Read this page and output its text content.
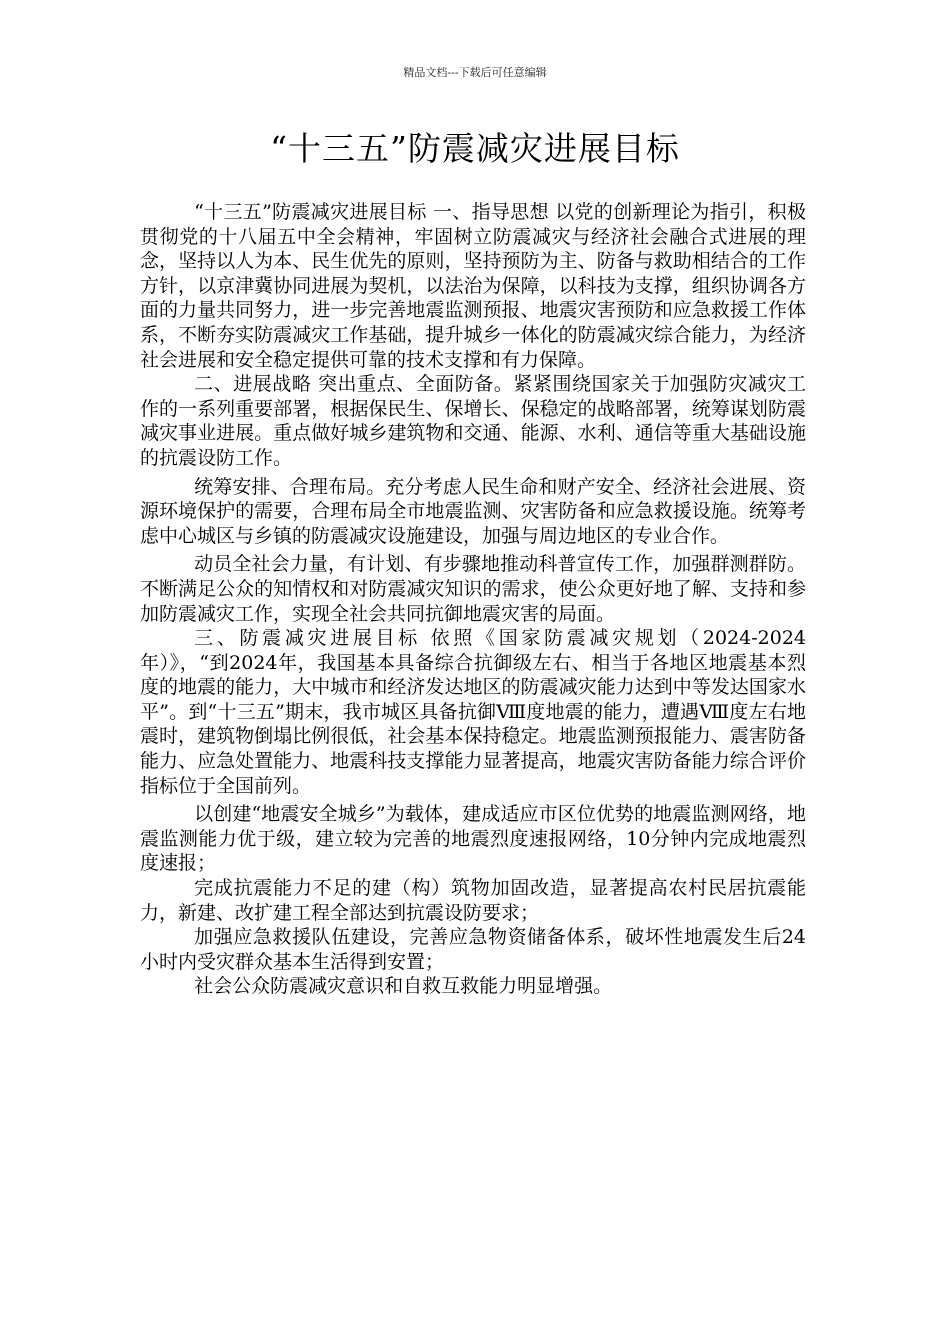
精品文档---下载后可任意编辑
“十三五”防震减灾进展目标

“十三五”防震减灾进展目标 一、指导思想 以党的创新理论为指引，积极贯彻党的十八届五中全会精神，牢固树立防震减灾与经济社会融合式进展的理念，坚持以人为本、民生优先的原则，坚持预防为主、防备与救助相结合的工作方针，以京津冀协同进展为契机，以法治为保障，以科技为支撑，组织协调各方面的力量共同努力，进一步完善地震监测预报、地震灾害预防和应急救援工作体系，不断夯实防震减灾工作基础，提升城乡一体化的防震减灾综合能力，为经济社会进展和安全稳定提供可靠的技术支撑和有力保障。

二、进展战略 突出重点、全面防备。紧紧围绕国家关于加强防灾减灾工作的一系列重要部署，根据保民生、保增长、保稳定的战略部署，统筹谋划防震减灾事业进展。重点做好城乡建筑物和交通、能源、水利、通信等重大基础设施的抗震设防工作。

统筹安排、合理布局。充分考虑人民生命和财产安全、经济社会进展、资源环境保护的需要，合理布局全市地震监测、灾害防备和应急救援设施。统筹考虑中心城区与乡镇的防震减灾设施建设，加强与周边地区的专业合作。

动员全社会力量，有计划、有步骤地推动科普宣传工作，加强群测群防。不断满足公众的知情权和对防震减灾知识的需求，使公众更好地了解、支持和参加防震减灾工作，实现全社会共同抗御地震灾害的局面。

三、防震减灾进展目标 依照《国家防震减灾规划（2024-2024年）》，“到2024年，我国基本具备综合抗御级左右、相当于各地区地震基本烈度的地震的能力，大中城市和经济发达地区的防震减灾能力达到中等发达国家水平”。到“十三五”期末，我市城区具备抗御Ⅷ度地震的能力，遭遇Ⅷ度左右地震时，建筑物倒塌比例很低，社会基本保持稳定。地震监测预报能力、震害防备能力、应急处置能力、地震科技支撑能力显著提高，地震灾害防备能力综合评价指标位于全国前列。

以创建“地震安全城乡”为载体，建成适应市区位优势的地震监测网络，地震监测能力优于级，建立较为完善的地震烈度速报网络，10分钟内完成地震烈度速报；

完成抗震能力不足的建（构）筑物加固改造，显著提高农村民居抗震能力，新建、改扩建工程全部达到抗震设防要求；

加强应急救援队伍建设，完善应急物资储备体系，破坏性地震发生后24小时内受灾群众基本生活得到安置；

社会公众防震减灾意识和自救互救能力明显增强。
